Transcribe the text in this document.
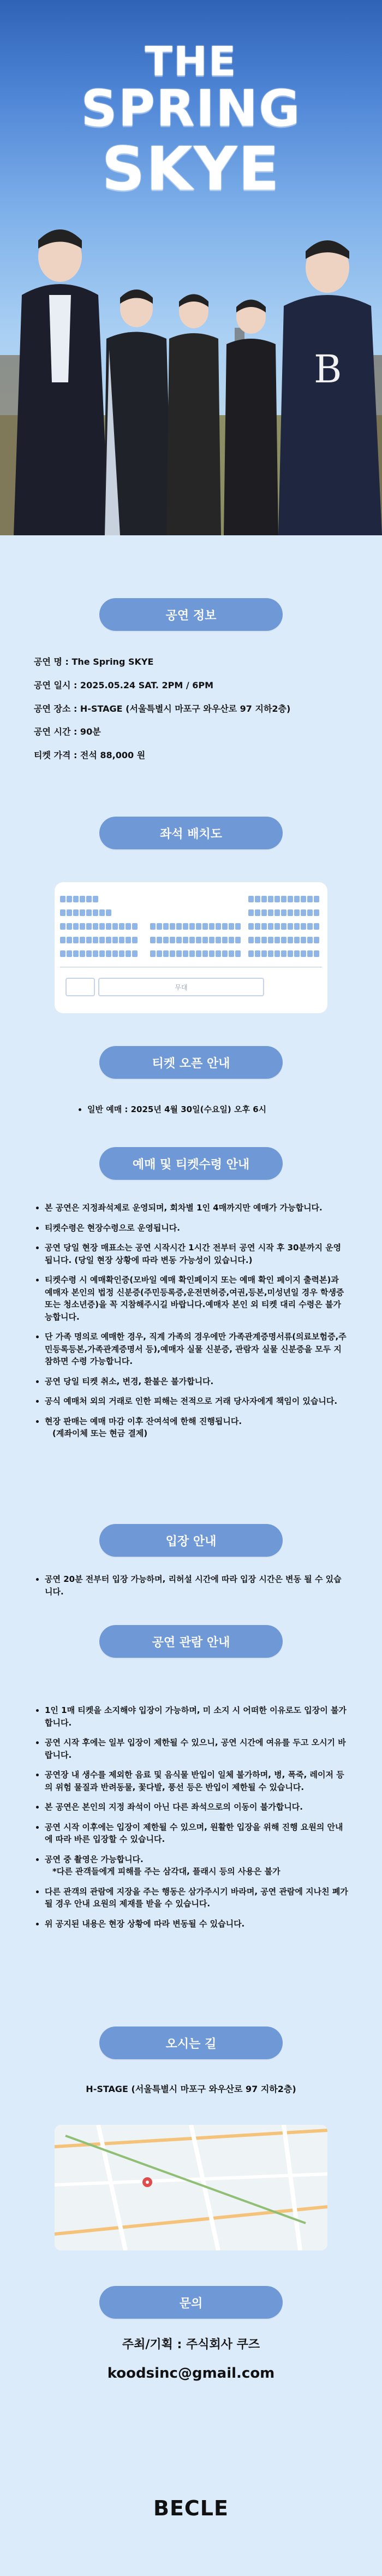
B
THE
SPRING
SKYE
공연 정보

공연 명 : The Spring SKYE

공연 일시 : 2025.05.24 SAT. 2PM / 6PM

공연 장소 : H-STAGE (서울특별시 마포구 와우산로 97 지하2층)

공연 시간 : 90분

티켓 가격 : 전석 88,000 원

좌석 배치도
무대
티켓 오픈 안내
• 일반 예매 : 2025년 4월 30일(수요일) 오후 6시
예매 및 티켓수령 안내
• 본 공연은 지정좌석제로 운영되며, 회차별 1인 4매까지만 예매가 가능합니다.
• 티켓수령은 현장수령으로 운영됩니다.
• 공연 당일 현장 매표소는 공연 시작시간 1시간 전부터 공연 시작 후 30분까지 운영됩니다. (당일 현장 상황에 따라 변동 가능성이 있습니다.)
• 티켓수령 시 예매확인증(모바일 예매 확인페이지 또는 예매 확인 페이지 출력본)과 예매자 본인의 법정 신분증(주민등록증,운전면허증,여권,등본,미성년일 경우 학생증 또는 청소년증)을 꼭 지참해주시길 바랍니다.예매자 본인 외 티켓 대리 수령은 불가능합니다.
• 단 가족 명의로 예매한 경우, 직계 가족의 경우에만 가족관계증명서류(의료보험증,주민등록등본,가족관계증명서 등),예매자 실물 신분증, 관람자 실물 신분증을 모두 지참하면 수령 가능합니다.
• 공연 당일 티켓 취소, 변경, 환불은 불가합니다.
• 공식 예매처 외의 거래로 인한 피해는 전적으로 거래 당사자에게 책임이 있습니다.
• 현장 판매는 예매 마감 이후 잔여석에 한해 진행됩니다.
(계좌이체 또는 현금 결제)
입장 안내
• 공연 20분 전부터 입장 가능하며, 리허설 시간에 따라 입장 시간은 변동 될 수 있습니다.
공연 관람 안내
• 1인 1매 티켓을 소지해야 입장이 가능하며, 미 소지 시 어떠한 이유로도 입장이 불가합니다.
• 공연 시작 후에는 일부 입장이 제한될 수 있으니, 공연 시간에 여유를 두고 오시기 바랍니다.
• 공연장 내 생수를 제외한 음료 및 음식물 반입이 일체 불가하며, 병, 폭죽, 레이저 등의 위험 물질과 반려동물, 꽃다발, 풍선 등은 반입이 제한될 수 있습니다.
• 본 공연은 본인의 지정 좌석이 아닌 다른 좌석으로의 이동이 불가합니다.
• 공연 시작 이후에는 입장이 제한될 수 있으며, 원활한 입장을 위해 진행 요원의 안내에 따라 바른 입장할 수 있습니다.
• 공연 중 촬영은 가능합니다.
*다른 관객들에게 피해를 주는 삼각대, 플래시 등의 사용은 불가
• 다른 관객의 관람에 지장을 주는 행동은 삼가주시기 바라며, 공연 관람에 지나친 폐가 될 경우 안내 요원의 제재를 받을 수 있습니다.
• 위 공지된 내용은 현장 상황에 따라 변동될 수 있습니다.
오시는 길
H-STAGE (서울특별시 마포구 와우산로 97 지하2층)
문의
주최/기획 : 주식회사 쿠즈
koodsinc@gmail.com
BECLE
